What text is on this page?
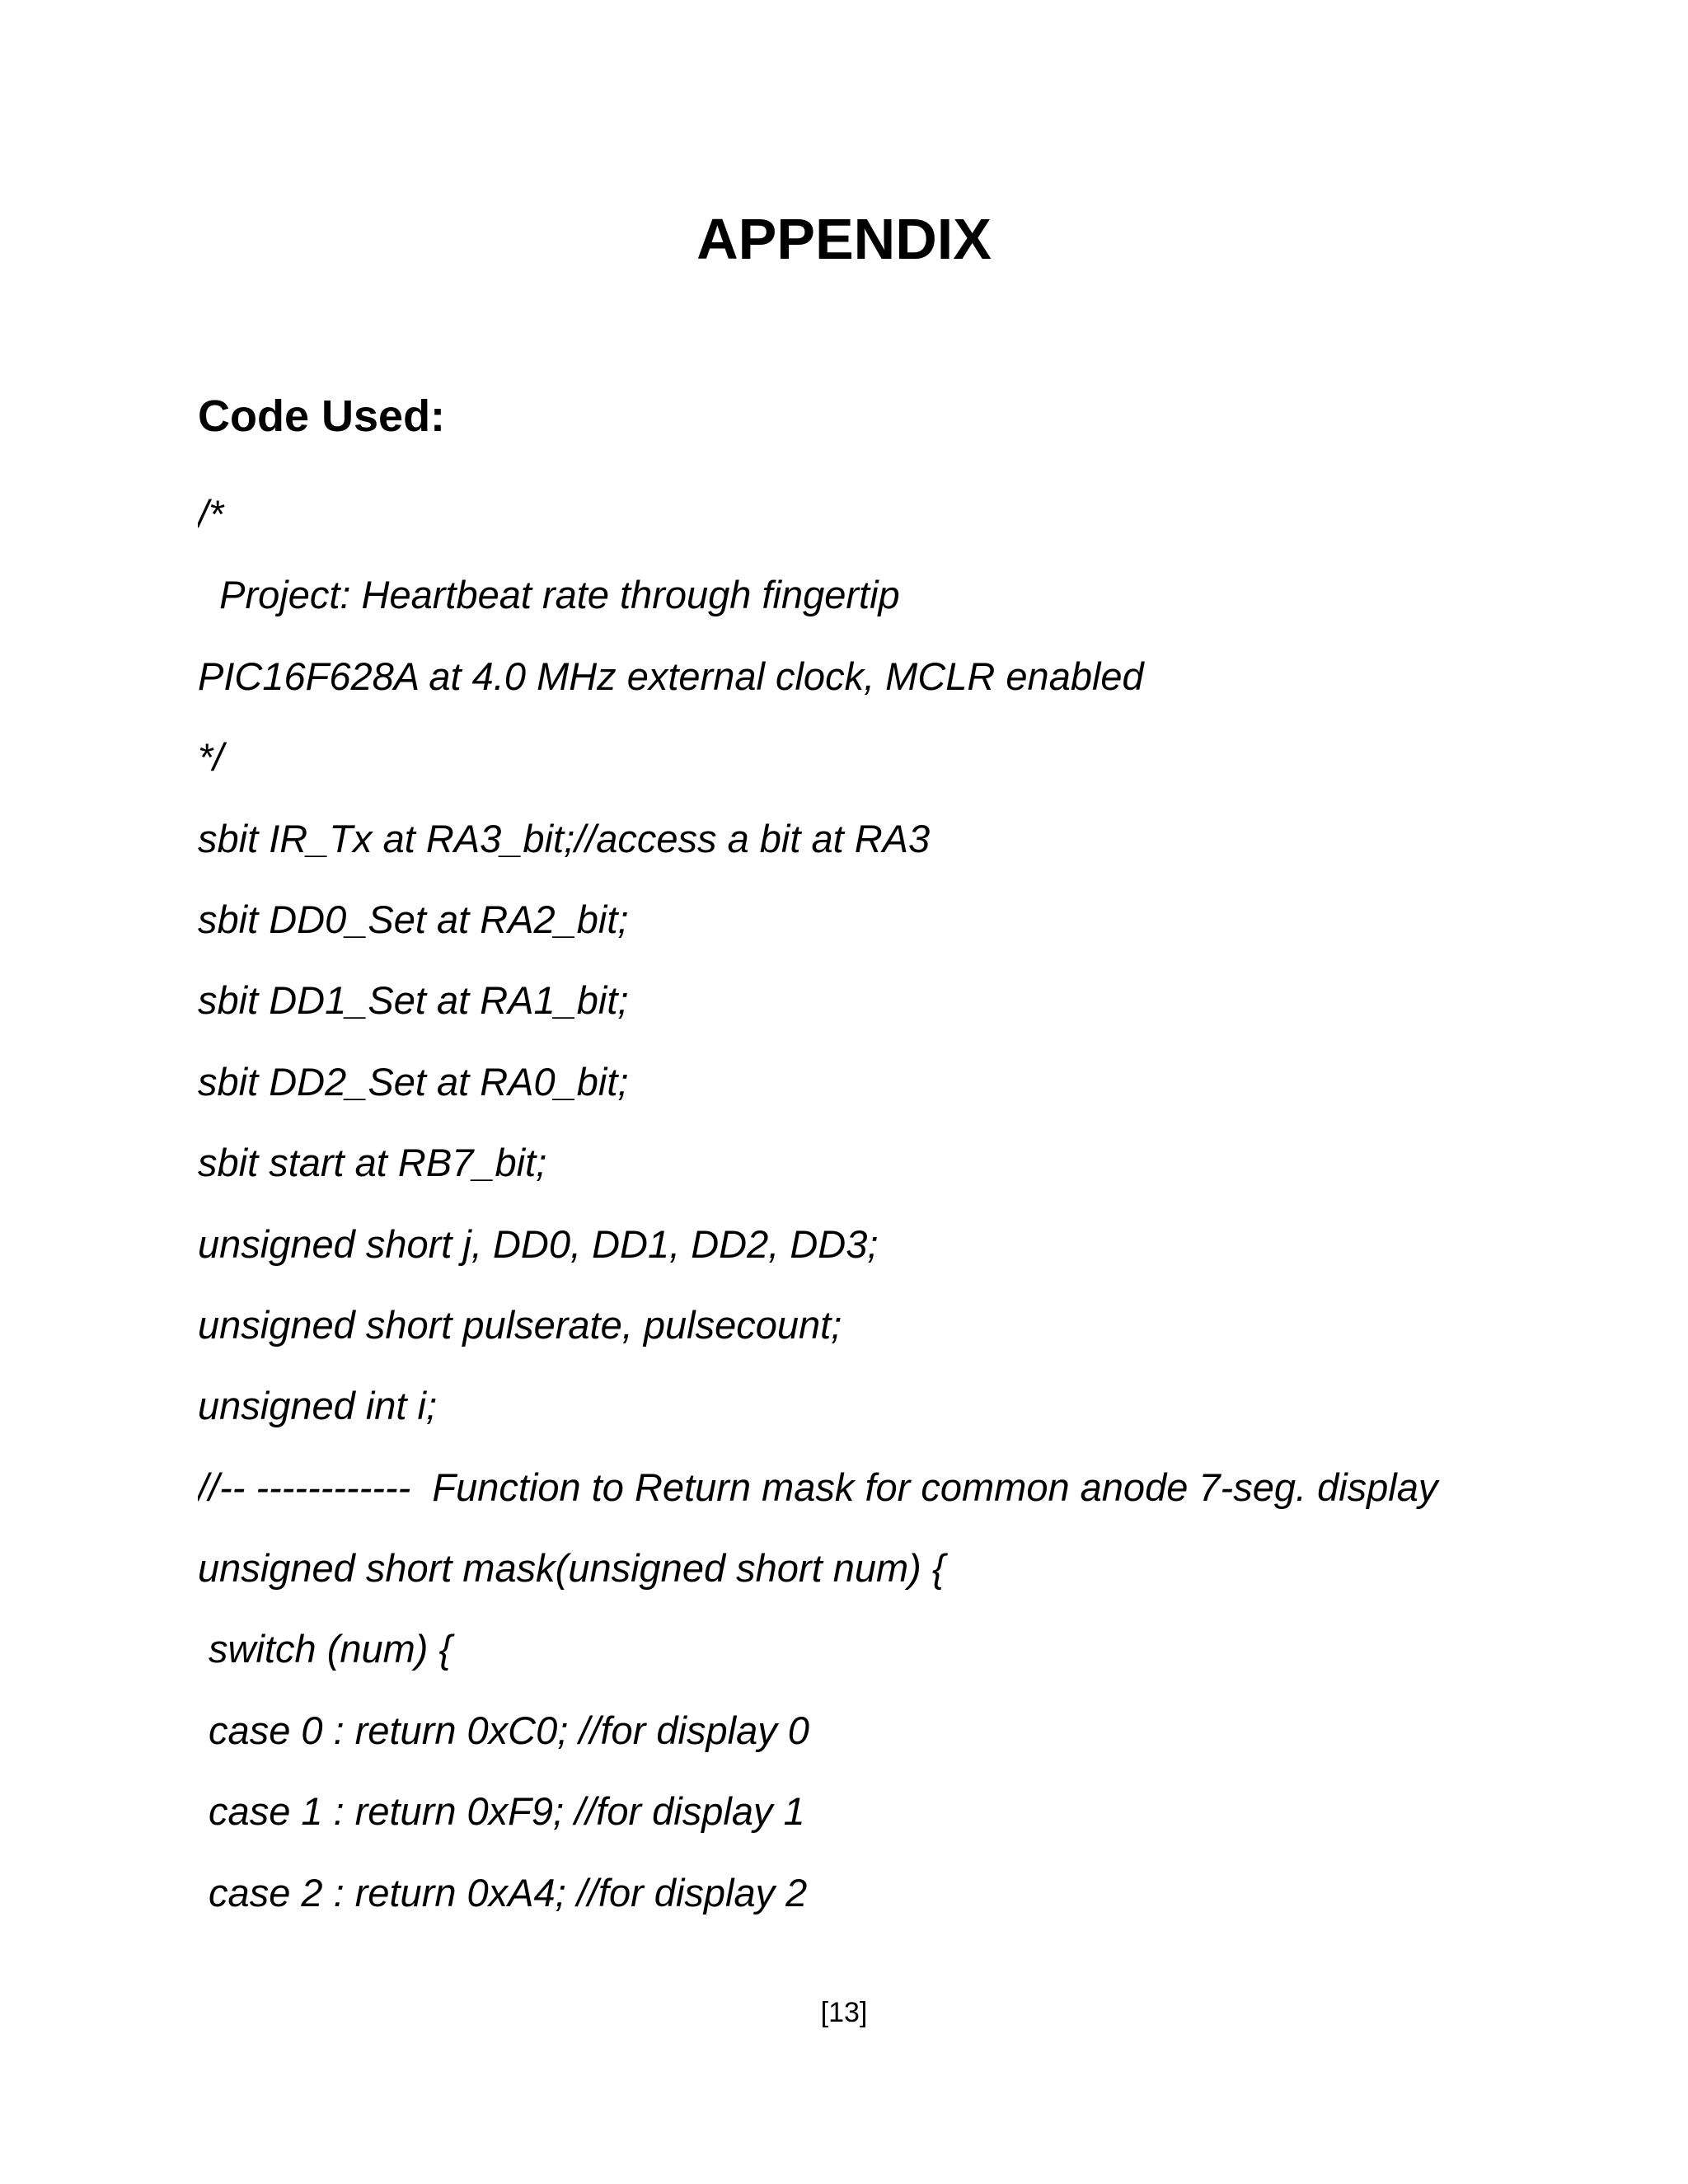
APPENDIX
Code Used:
/*
Project: Heartbeat rate through fingertip
PIC16F628A at 4.0 MHz external clock, MCLR enabled
*/
sbit IR_Tx at RA3_bit;//access a bit at RA3
sbit DD0_Set at RA2_bit;
sbit DD1_Set at RA1_bit;
sbit DD2_Set at RA0_bit;
sbit start at RB7_bit;
unsigned short j, DD0, DD1, DD2, DD3;
unsigned short pulserate, pulsecount;
unsigned int i;
//-- ------------  Function to Return mask for common anode 7-seg. display
unsigned short mask(unsigned short num) {
switch (num) {
case 0 : return 0xC0; //for display 0
case 1 : return 0xF9; //for display 1
case 2 : return 0xA4; //for display 2
[13]
